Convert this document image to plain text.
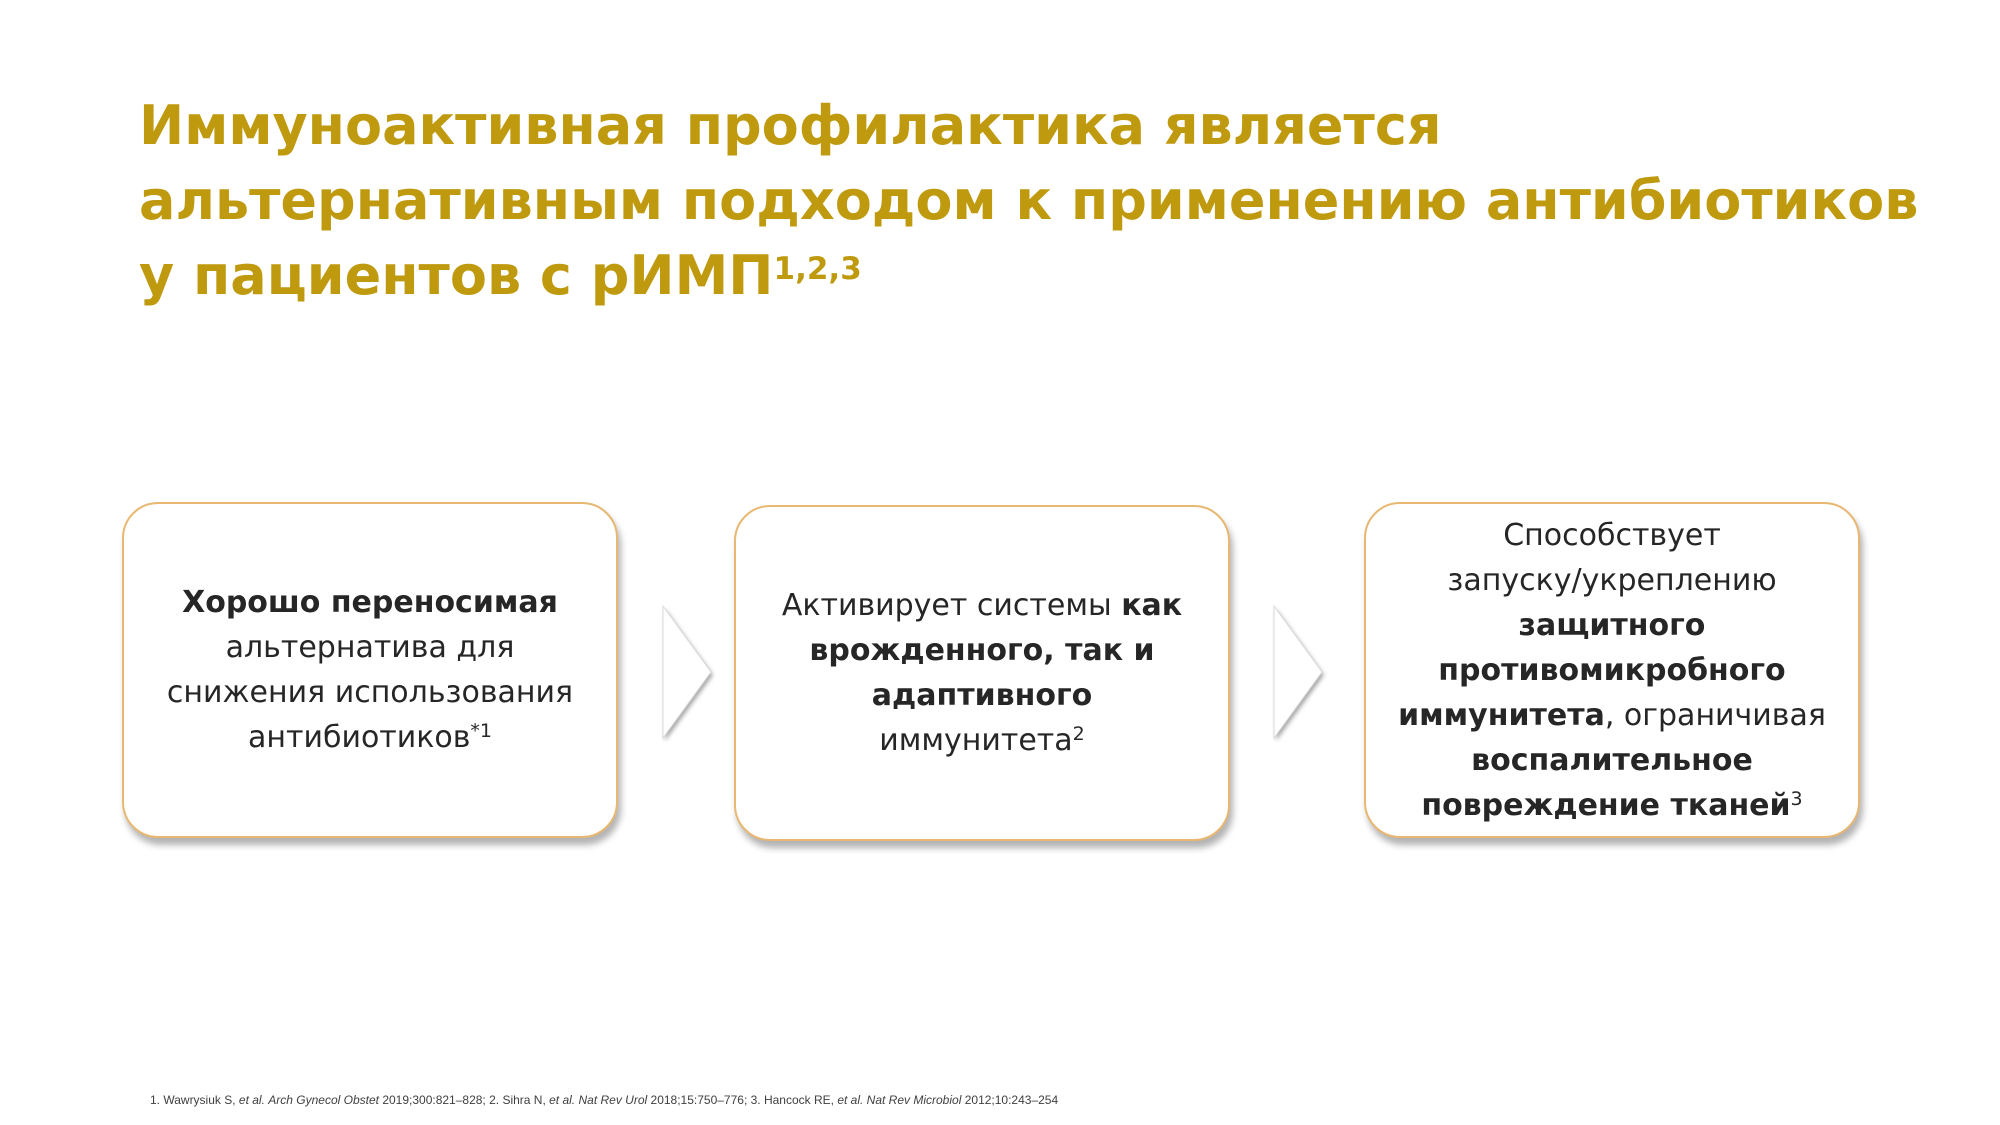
Иммуноактивная профилактика является
альтернативным подходом к применению антибиотиков
у пациентов с рИМП$^{1,2,3}$
Хорошо переносимая
альтернатива для
снижения использования
антибиотиков$^{*1}$
Активирует системы как
врожденного, так и
адаптивного
иммунитета$^2$
Способствует
запуску/укреплению
защитного
противомикробного
иммунитета, ограничивая
воспалительное
повреждение тканей$^3$
1. Wawrysiuk S, et al. Arch Gynecol Obstet 2019;300:821–828; 2. Sihra N, et al. Nat Rev Urol 2018;15:750–776; 3. Hancock RE, et al. Nat Rev Microbiol 2012;10:243–254
